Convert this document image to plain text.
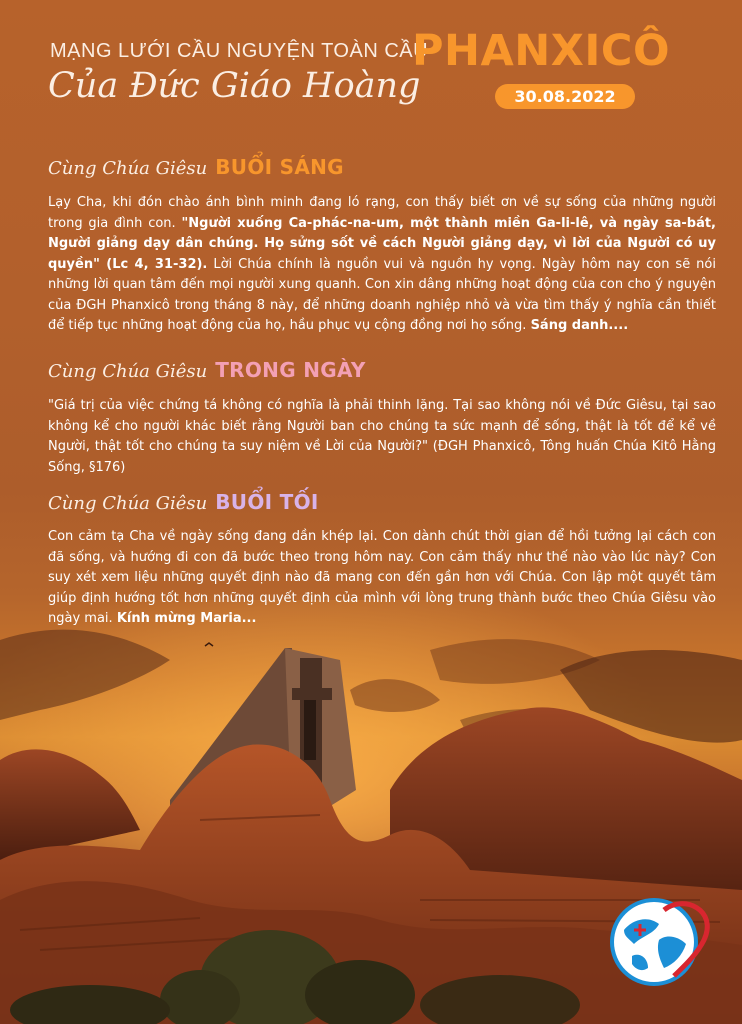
MẠNG LƯỚI CẦU NGUYỆN TOÀN CẦU
Của Đức Giáo Hoàng
PHANXICÔ
30.08.2022
Cùng Chúa Giêsu BUỔI SÁNG
Lạy Cha, khi đón chào ánh bình minh đang ló rạng, con thấy biết ơn về sự sống của những người trong gia đình con. "Người xuống Ca-phác-na-um, một thành miền Ga-li-lê, và ngày sa-bát, Người giảng dạy dân chúng. Họ sửng sốt về cách Người giảng dạy, vì lời của Người có uy quyền" (Lc 4, 31-32). Lời Chúa chính là nguồn vui và nguồn hy vọng. Ngày hôm nay con sẽ nói những lời quan tâm đến mọi người xung quanh. Con xin dâng những hoạt động của con cho ý nguyện của ĐGH Phanxicô trong tháng 8 này, để những doanh nghiệp nhỏ và vừa tìm thấy ý nghĩa cần thiết để tiếp tục những hoạt động của họ, hầu phục vụ cộng đồng nơi họ sống. Sáng danh....
Cùng Chúa Giêsu TRONG NGÀY
"Giá trị của việc chứng tá không có nghĩa là phải thinh lặng. Tại sao không nói về Đức Giêsu, tại sao không kể cho người khác biết rằng Người ban cho chúng ta sức mạnh để sống, thật là tốt để kể về Người, thật tốt cho chúng ta suy niệm về Lời của Người?" (ĐGH Phanxicô, Tông huấn Chúa Kitô Hằng Sống, §176)
Cùng Chúa Giêsu BUỔI TỐI
Con cảm tạ Cha về ngày sống đang dần khép lại. Con dành chút thời gian để hồi tưởng lại cách con đã sống, và hướng đi con đã bước theo trong hôm nay. Con cảm thấy như thế nào vào lúc này? Con suy xét xem liệu những quyết định nào đã mang con đến gần hơn với Chúa. Con lập một quyết tâm giúp định hướng tốt hơn những quyết định của mình với lòng trung thành bước theo Chúa Giêsu vào ngày mai. Kính mừng Maria...
